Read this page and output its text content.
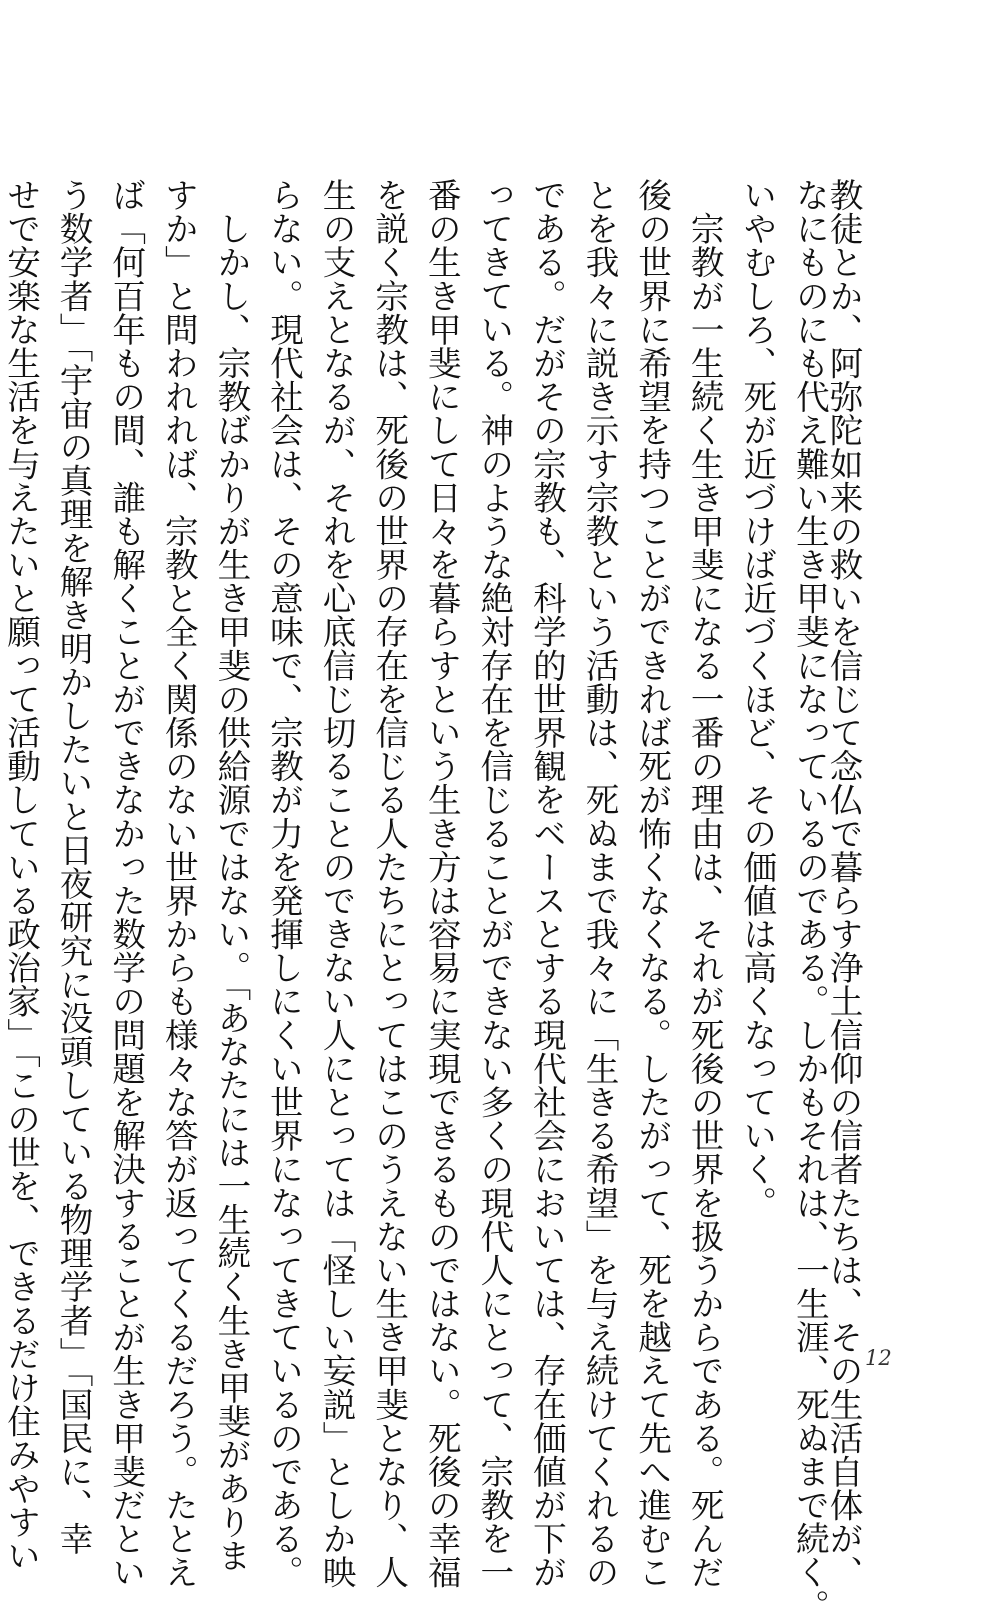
教徒とか、阿弥陀如来の救いを信じて念仏で暮らす浄土信仰の信者たちは、その生活自体が、
なにものにも代え難い生き甲斐になっているのである。しかもそれは、一生涯、死ぬまで続く。
いやむしろ、死が近づけば近づくほど、その価値は高くなっていく。
　宗教が一生続く生き甲斐になる一番の理由は、それが死後の世界を扱うからである。死んだ
後の世界に希望を持つことができれば死が怖くなくなる。したがって、死を越えて先へ進むこ
とを我々に説き示す宗教という活動は、死ぬまで我々に「生きる希望」を与え続けてくれるの
である。だがその宗教も、科学的世界観をベースとする現代社会においては、存在価値が下が
ってきている。神のような絶対存在を信じることができない多くの現代人にとって、宗教を一
番の生き甲斐にして日々を暮らすという生き方は容易に実現できるものではない。死後の幸福
を説く宗教は、死後の世界の存在を信じる人たちにとってはこのうえない生き甲斐となり、人
生の支えとなるが、それを心底信じ切ることのできない人にとっては「怪しい妄説」としか映
らない。現代社会は、その意味で、宗教が力を発揮しにくい世界になってきているのである。
　しかし、宗教ばかりが生き甲斐の供給源ではない。「あなたには一生続く生き甲斐がありま
すか」と問われれば、宗教と全く関係のない世界からも様々な答が返ってくるだろう。たとえ
ば「何百年もの間、誰も解くことができなかった数学の問題を解決することが生き甲斐だとい
う数学者」「宇宙の真理を解き明かしたいと日夜研究に没頭している物理学者」「国民に、幸
せで安楽な生活を与えたいと願って活動している政治家」「この世を、できるだけ住みやすい	12
